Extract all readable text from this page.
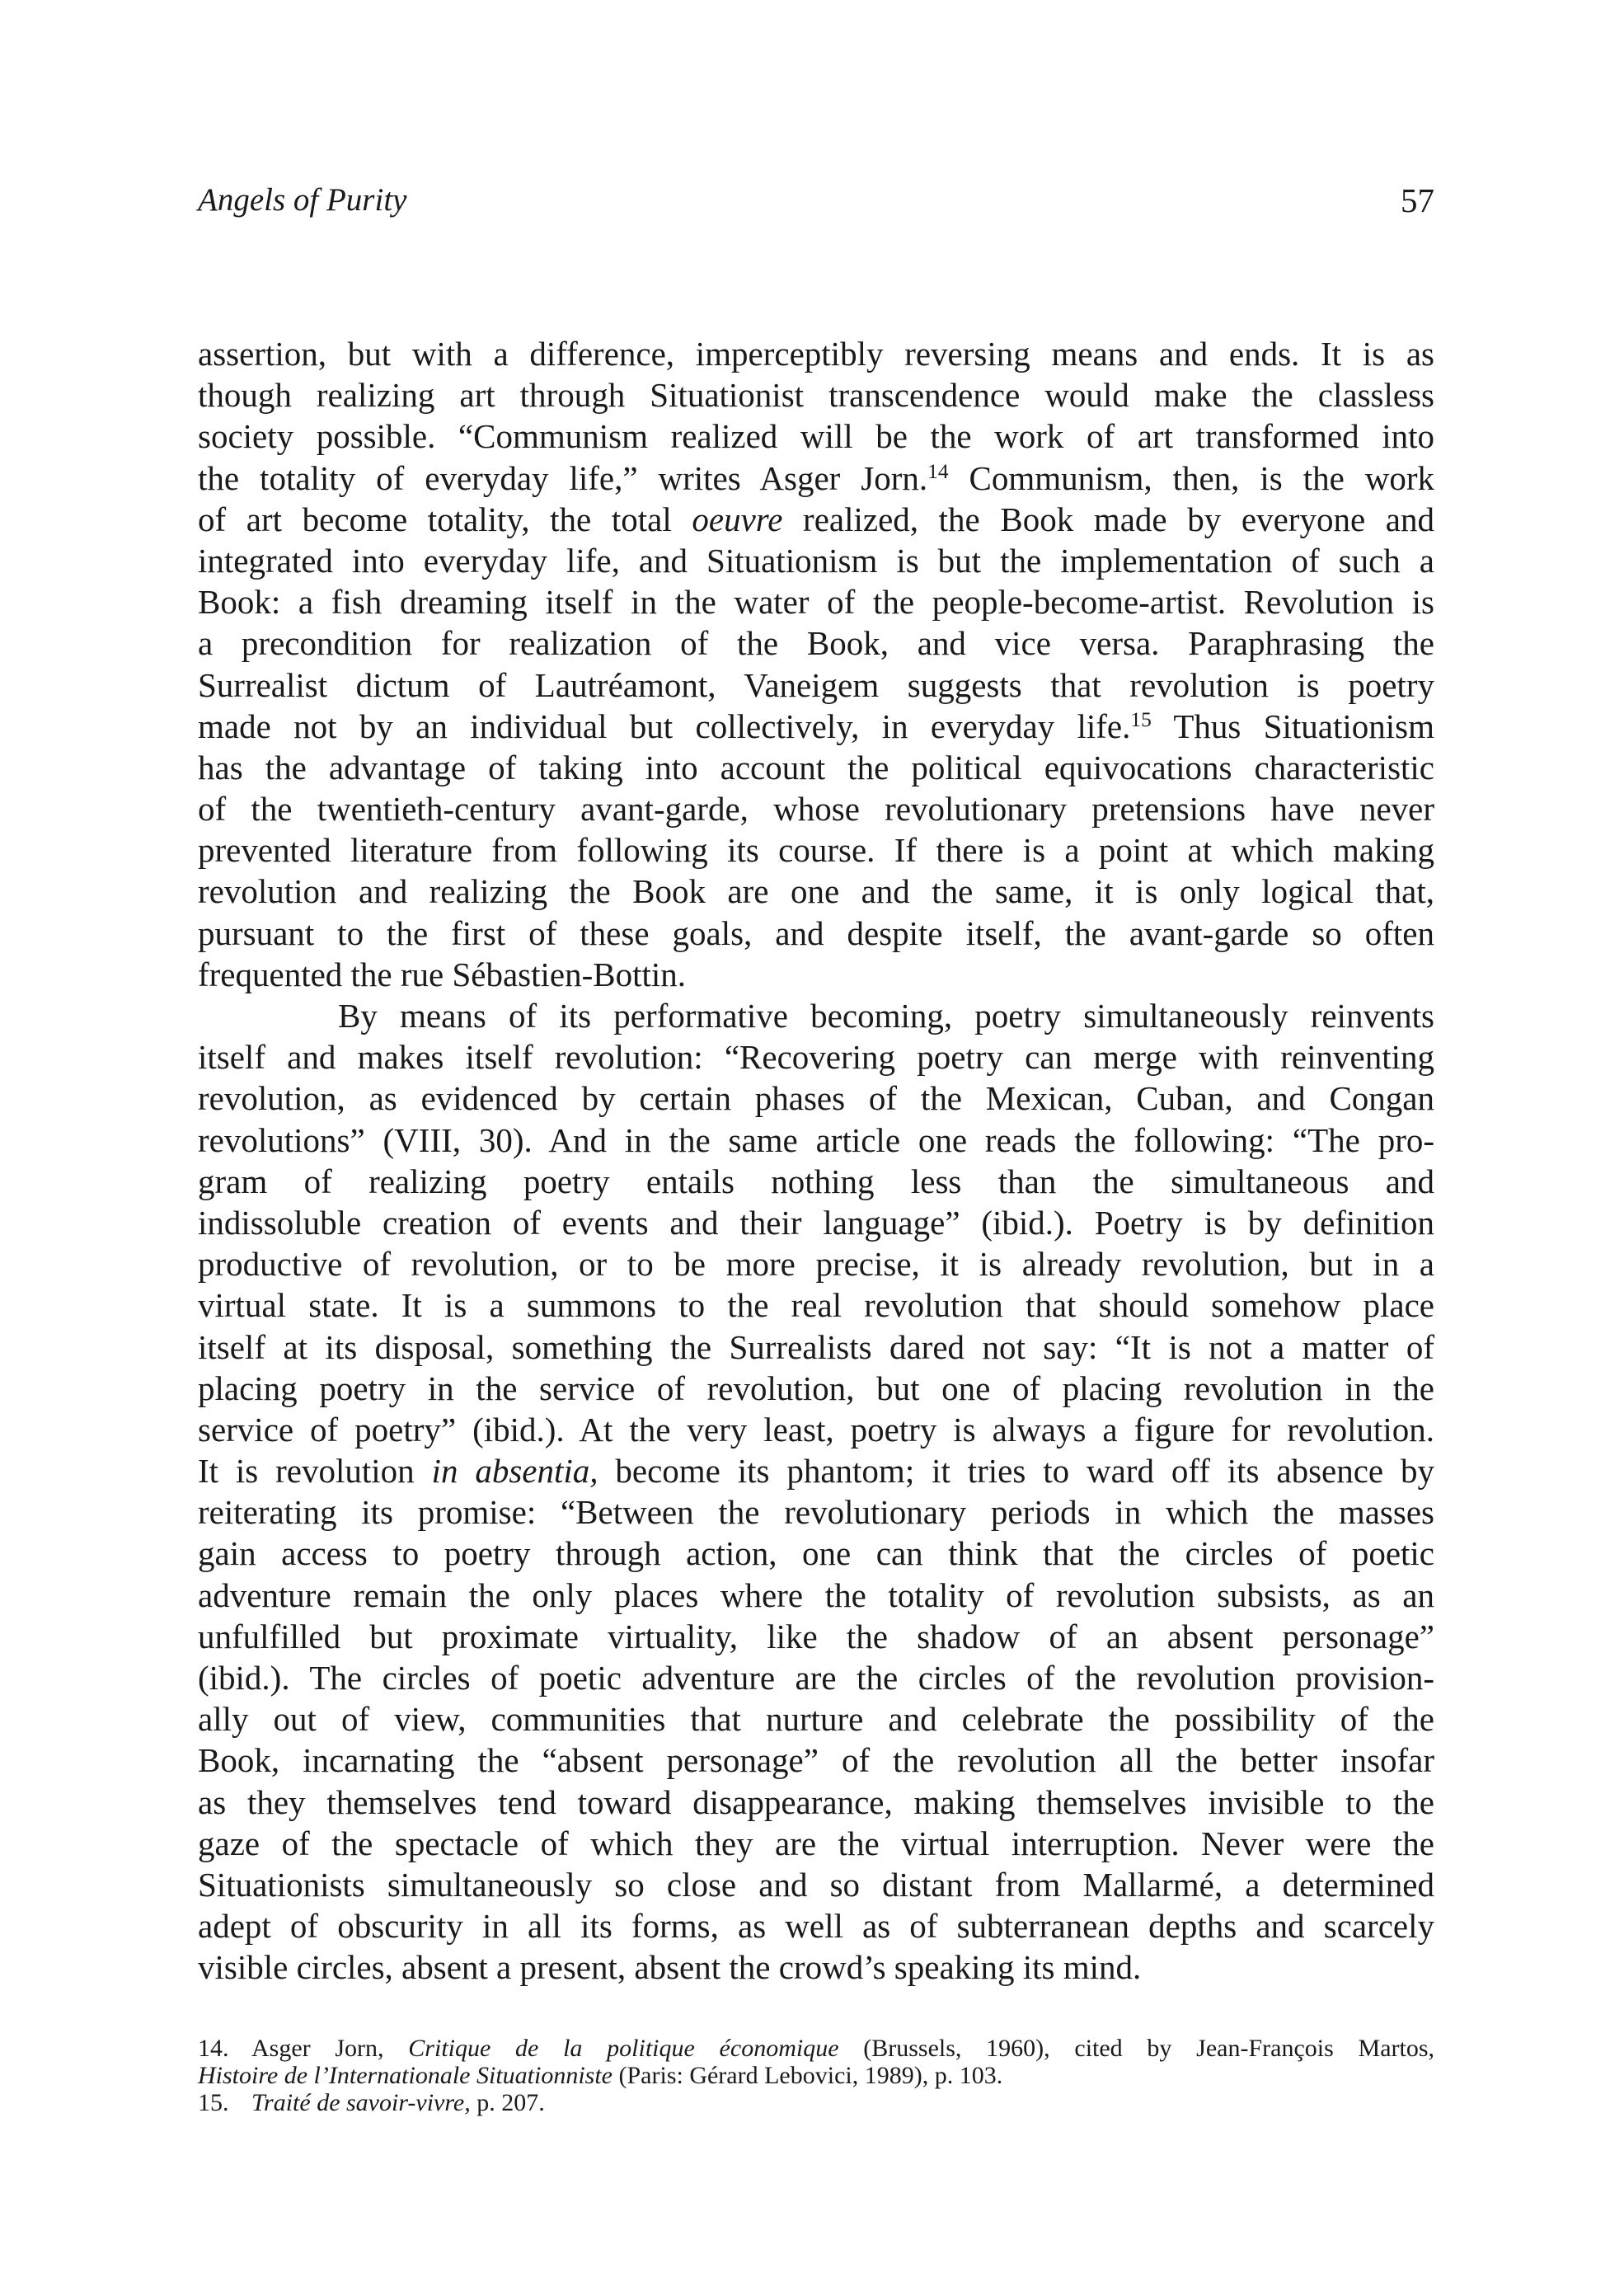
Angels of Purity	57
assertion, but with a difference, imperceptibly reversing means and ends. It is as
though realizing art through Situationist transcendence would make the classless
society possible. “Communism realized will be the work of art transformed into
the totality of everyday life,” writes Asger Jorn.$^{14}$ Communism, then, is the work
of art become totality, the total oeuvre realized, the Book made by everyone and
integrated into everyday life, and Situationism is but the implementation of such a
Book: a fish dreaming itself in the water of the people-become-artist. Revolution is
a precondition for realization of the Book, and vice versa. Paraphrasing the
Surrealist dictum of Lautréamont, Vaneigem suggests that revolution is poetry
made not by an individual but collectively, in everyday life.$^{15}$ Thus Situationism
has the advantage of taking into account the political equivocations characteristic
of the twentieth-century avant-garde, whose revolutionary pretensions have never
prevented literature from following its course. If there is a point at which making
revolution and realizing the Book are one and the same, it is only logical that,
pursuant to the first of these goals, and despite itself, the avant-garde so often
frequented the rue Sébastien-Bottin.
By means of its performative becoming, poetry simultaneously reinvents
itself and makes itself revolution: “Recovering poetry can merge with reinventing
revolution, as evidenced by certain phases of the Mexican, Cuban, and Congan
revolutions” (VIII, 30). And in the same article one reads the following: “The pro-
gram of realizing poetry entails nothing less than the simultaneous and
indissoluble creation of events and their language” (ibid.). Poetry is by definition
productive of revolution, or to be more precise, it is already revolution, but in a
virtual state. It is a summons to the real revolution that should somehow place
itself at its disposal, something the Surrealists dared not say: “It is not a matter of
placing poetry in the service of revolution, but one of placing revolution in the
service of poetry” (ibid.). At the very least, poetry is always a figure for revolution.
It is revolution in absentia, become its phantom; it tries to ward off its absence by
reiterating its promise: “Between the revolutionary periods in which the masses
gain access to poetry through action, one can think that the circles of poetic
adventure remain the only places where the totality of revolution subsists, as an
unfulfilled but proximate virtuality, like the shadow of an absent personage”
(ibid.). The circles of poetic adventure are the circles of the revolution provision-
ally out of view, communities that nurture and celebrate the possibility of the
Book, incarnating the “absent personage” of the revolution all the better insofar
as they themselves tend toward disappearance, making themselves invisible to the
gaze of the spectacle of which they are the virtual interruption. Never were the
Situationists simultaneously so close and so distant from Mallarmé, a determined
adept of obscurity in all its forms, as well as of subterranean depths and scarcely
visible circles, absent a present, absent the crowd’s speaking its mind.
14. Asger Jorn, Critique de la politique économique (Brussels, 1960), cited by Jean-François Martos,
Histoire de l’Internationale Situationniste (Paris: Gérard Lebovici, 1989), p. 103.
15. Traité de savoir-vivre, p. 207.
